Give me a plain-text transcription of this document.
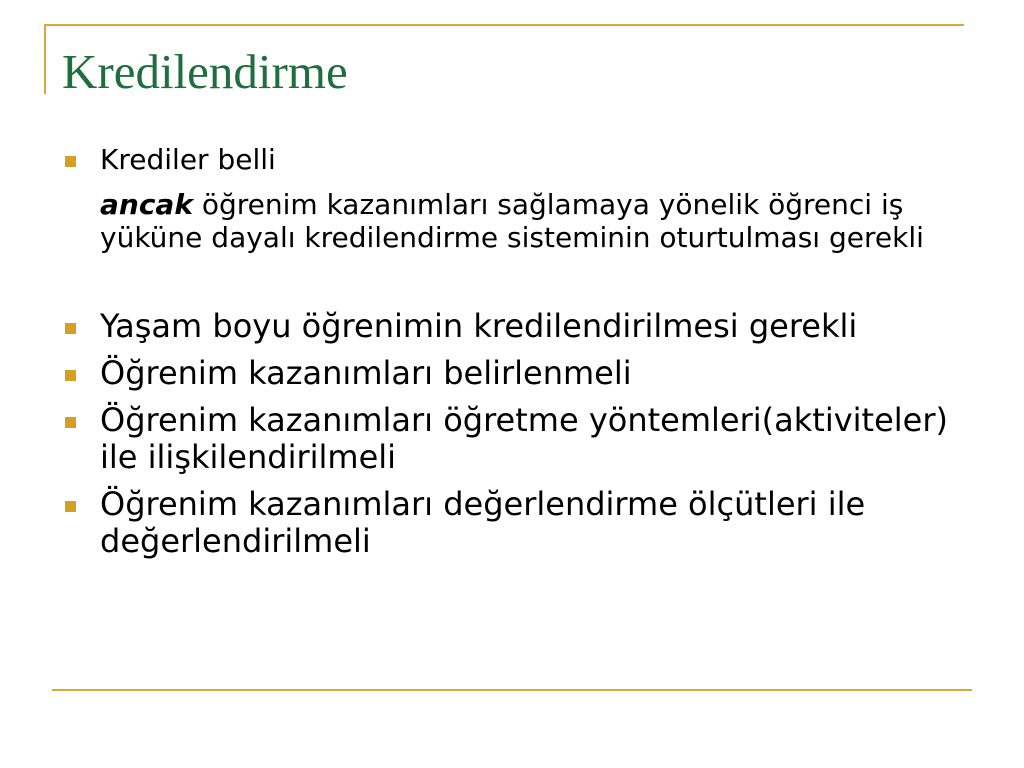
Kredilendirme
Krediler belli
ancak öğrenim kazanımları sağlamaya yönelik öğrenci iş yüküne dayalı kredilendirme sisteminin oturtulması gerekli
Yaşam boyu öğrenimin kredilendirilmesi gerekli
Öğrenim kazanımları belirlenmeli
Öğrenim kazanımları öğretme yöntemleri(aktiviteler) ile ilişkilendirilmeli
Öğrenim kazanımları değerlendirme ölçütleri ile değerlendirilmeli
